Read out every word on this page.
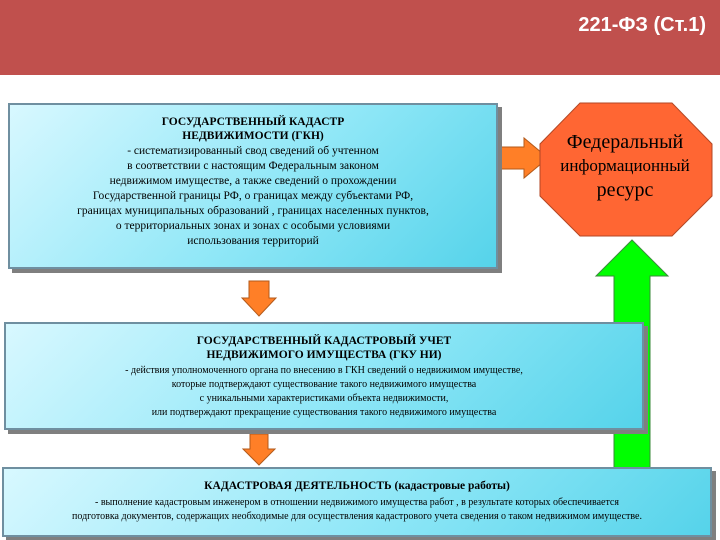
221-ФЗ (Ст.1)
Федеральный
информационный
ресурс
ГОСУДАРСТВЕННЫЙ КАДАСТР
НЕДВИЖИМОСТИ (ГКН)
- систематизированный свод сведений об учтенном
в соответствии с настоящим Федеральным законом
недвижимом имуществе, а также сведений о прохождении
Государственной границы РФ, о границах между субъектами РФ,
границах муниципальных образований , границах населенных пунктов,
о территориальных зонах и зонах с особыми условиями
использования территорий
ГОСУДАРСТВЕННЫЙ КАДАСТРОВЫЙ УЧЕТ
НЕДВИЖИМОГО ИМУЩЕСТВА (ГКУ НИ)
- действия уполномоченного органа по внесению в ГКН сведений о недвижимом имуществе,
которые подтверждают существование такого недвижимого имущества
с уникальными характеристиками объекта недвижимости,
или подтверждают прекращение существования такого недвижимого имущества
КАДАСТРОВАЯ ДЕЯТЕЛЬНОСТЬ (кадастровые работы)
- выполнение кадастровым инженером в отношении недвижимого имущества работ , в результате которых обеспечивается
подготовка документов, содержащих необходимые для осуществления кадастрового учета сведения о таком недвижимом имуществе.
